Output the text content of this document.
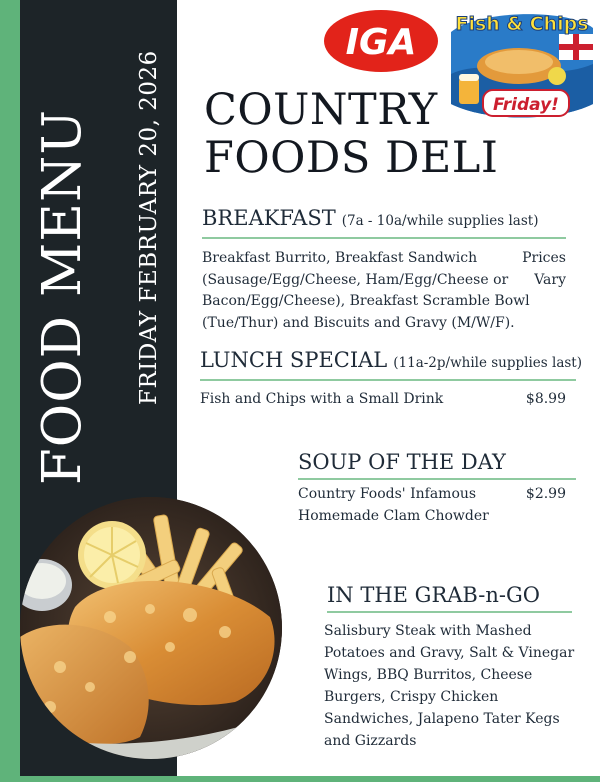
FOOD MENU FRIDAY FEBRUARY 20, 2026
IGA Fish & Chips
Friday!
COUNTRY
FOODS DELI
BREAKFAST (7a - 10a/while supplies last)
Breakfast Burrito, Breakfast Sandwich
(Sausage/Egg/Cheese, Ham/Egg/Cheese or
Bacon/Egg/Cheese), Breakfast Scramble Bowl
(Tue/Thur) and Biscuits and Gravy (M/W/F).
Prices
Vary
LUNCH SPECIAL (11a-2p/while supplies last)
Fish and Chips with a Small Drink	$8.99
SOUP OF THE DAY
Country Foods' Infamous
Homemade Clam Chowder
$2.99
IN THE GRAB-n-GO
Salisbury Steak with Mashed
Potatoes and Gravy, Salt & Vinegar
Wings, BBQ Burritos, Cheese
Burgers, Crispy Chicken
Sandwiches, Jalapeno Tater Kegs
and Gizzards
